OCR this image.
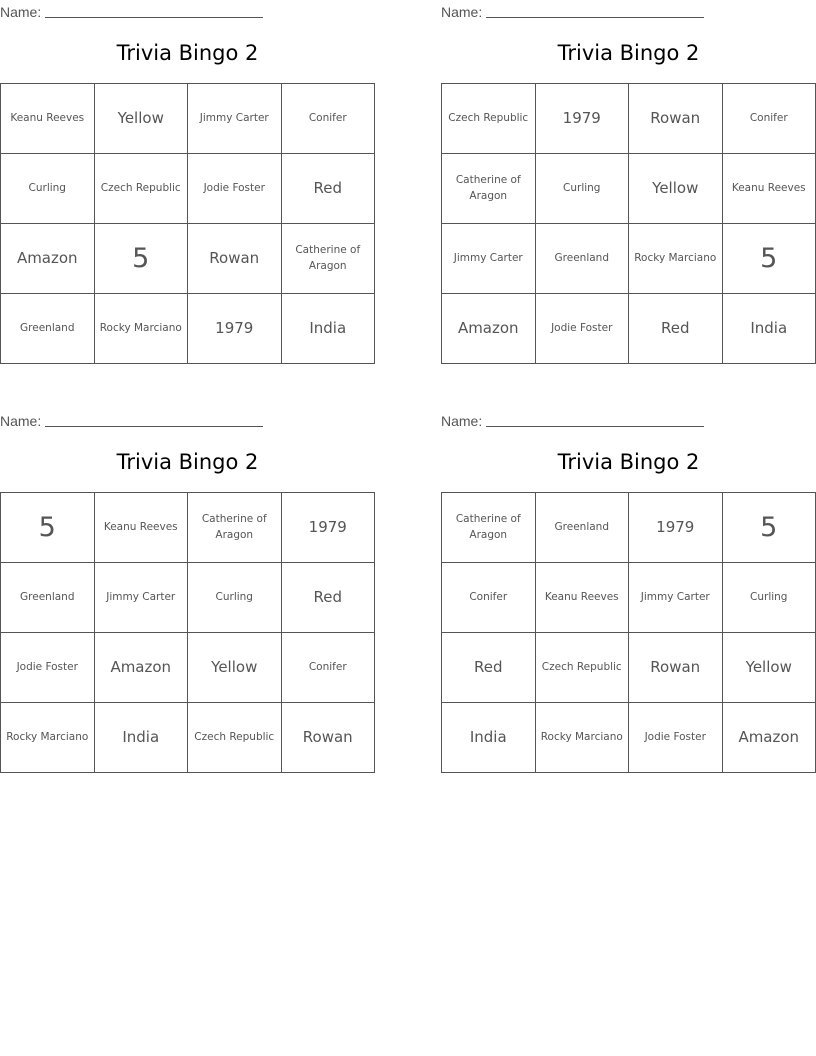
Name:
Trivia Bingo 2
Keanu Reeves	Yellow	Jimmy Carter	Conifer
Curling	Czech Republic	Jodie Foster	Red
Amazon	5	Rowan	Catherine of Aragon
Greenland	Rocky Marciano	1979	India
Name:
Trivia Bingo 2
Czech Republic	1979	Rowan	Conifer
Catherine of Aragon	Curling	Yellow	Keanu Reeves
Jimmy Carter	Greenland	Rocky Marciano	5
Amazon	Jodie Foster	Red	India
Name:
Trivia Bingo 2
5	Keanu Reeves	Catherine of Aragon	1979
Greenland	Jimmy Carter	Curling	Red
Jodie Foster	Amazon	Yellow	Conifer
Rocky Marciano	India	Czech Republic	Rowan
Name:
Trivia Bingo 2
Catherine of Aragon	Greenland	1979	5
Conifer	Keanu Reeves	Jimmy Carter	Curling
Red	Czech Republic	Rowan	Yellow
India	Rocky Marciano	Jodie Foster	Amazon
